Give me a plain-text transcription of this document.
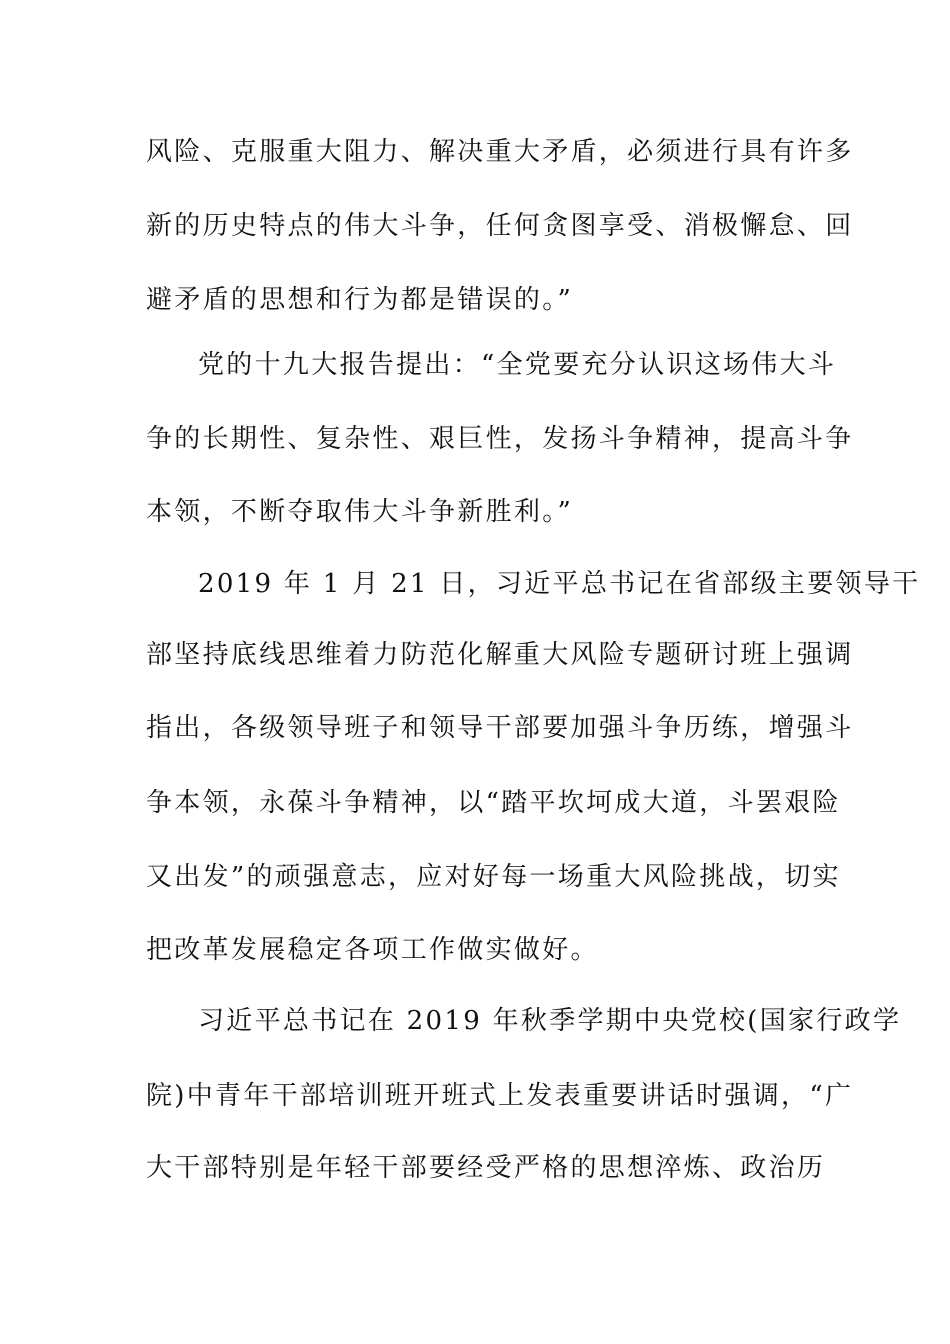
风险、克服重大阻力、解决重大矛盾，必须进行具有许多
新的历史特点的伟大斗争，任何贪图享受、消极懈怠、回
避矛盾的思想和行为都是错误的。”
党的十九大报告提出：“全党要充分认识这场伟大斗
争的长期性、复杂性、艰巨性，发扬斗争精神，提高斗争
本领，不断夺取伟大斗争新胜利。”
2019 年 1 月 21 日，习近平总书记在省部级主要领导干
部坚持底线思维着力防范化解重大风险专题研讨班上强调
指出，各级领导班子和领导干部要加强斗争历练，增强斗
争本领，永葆斗争精神，以“踏平坎坷成大道，斗罢艰险
又出发”的顽强意志，应对好每一场重大风险挑战，切实
把改革发展稳定各项工作做实做好。
习近平总书记在 2019 年秋季学期中央党校(国家行政学
院)中青年干部培训班开班式上发表重要讲话时强调，“广
大干部特别是年轻干部要经受严格的思想淬炼、政治历
